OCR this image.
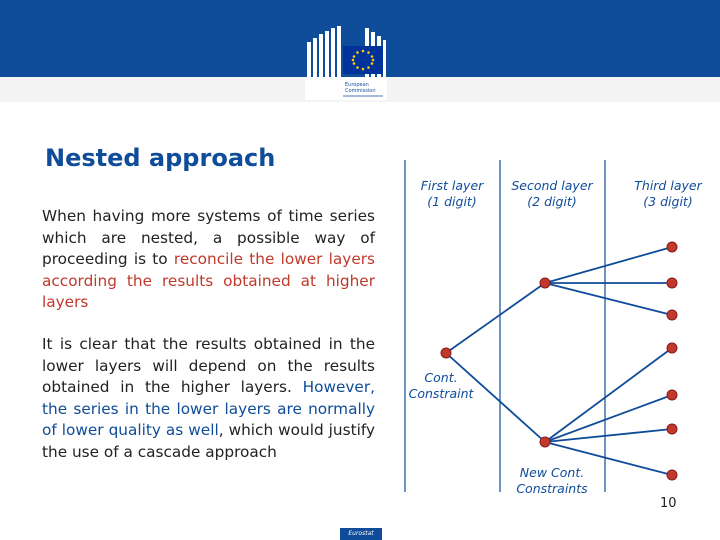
European
Commission
Nested approach

When having more systems of time series which are nested, a possible way of proceeding is to reconcile the lower layers according the results obtained at higher layers

It is clear that the results obtained in the lower layers will depend on the results obtained in the higher layers. However, the series in the lower layers are normally of lower quality as well, which would justify the use of a cascade approach

First layer
(1 digit)
Second layer
(2 digit)
Third layer
(3 digit)
Cont.
Constraint
New Cont.
Constraints
10
Eurostat
